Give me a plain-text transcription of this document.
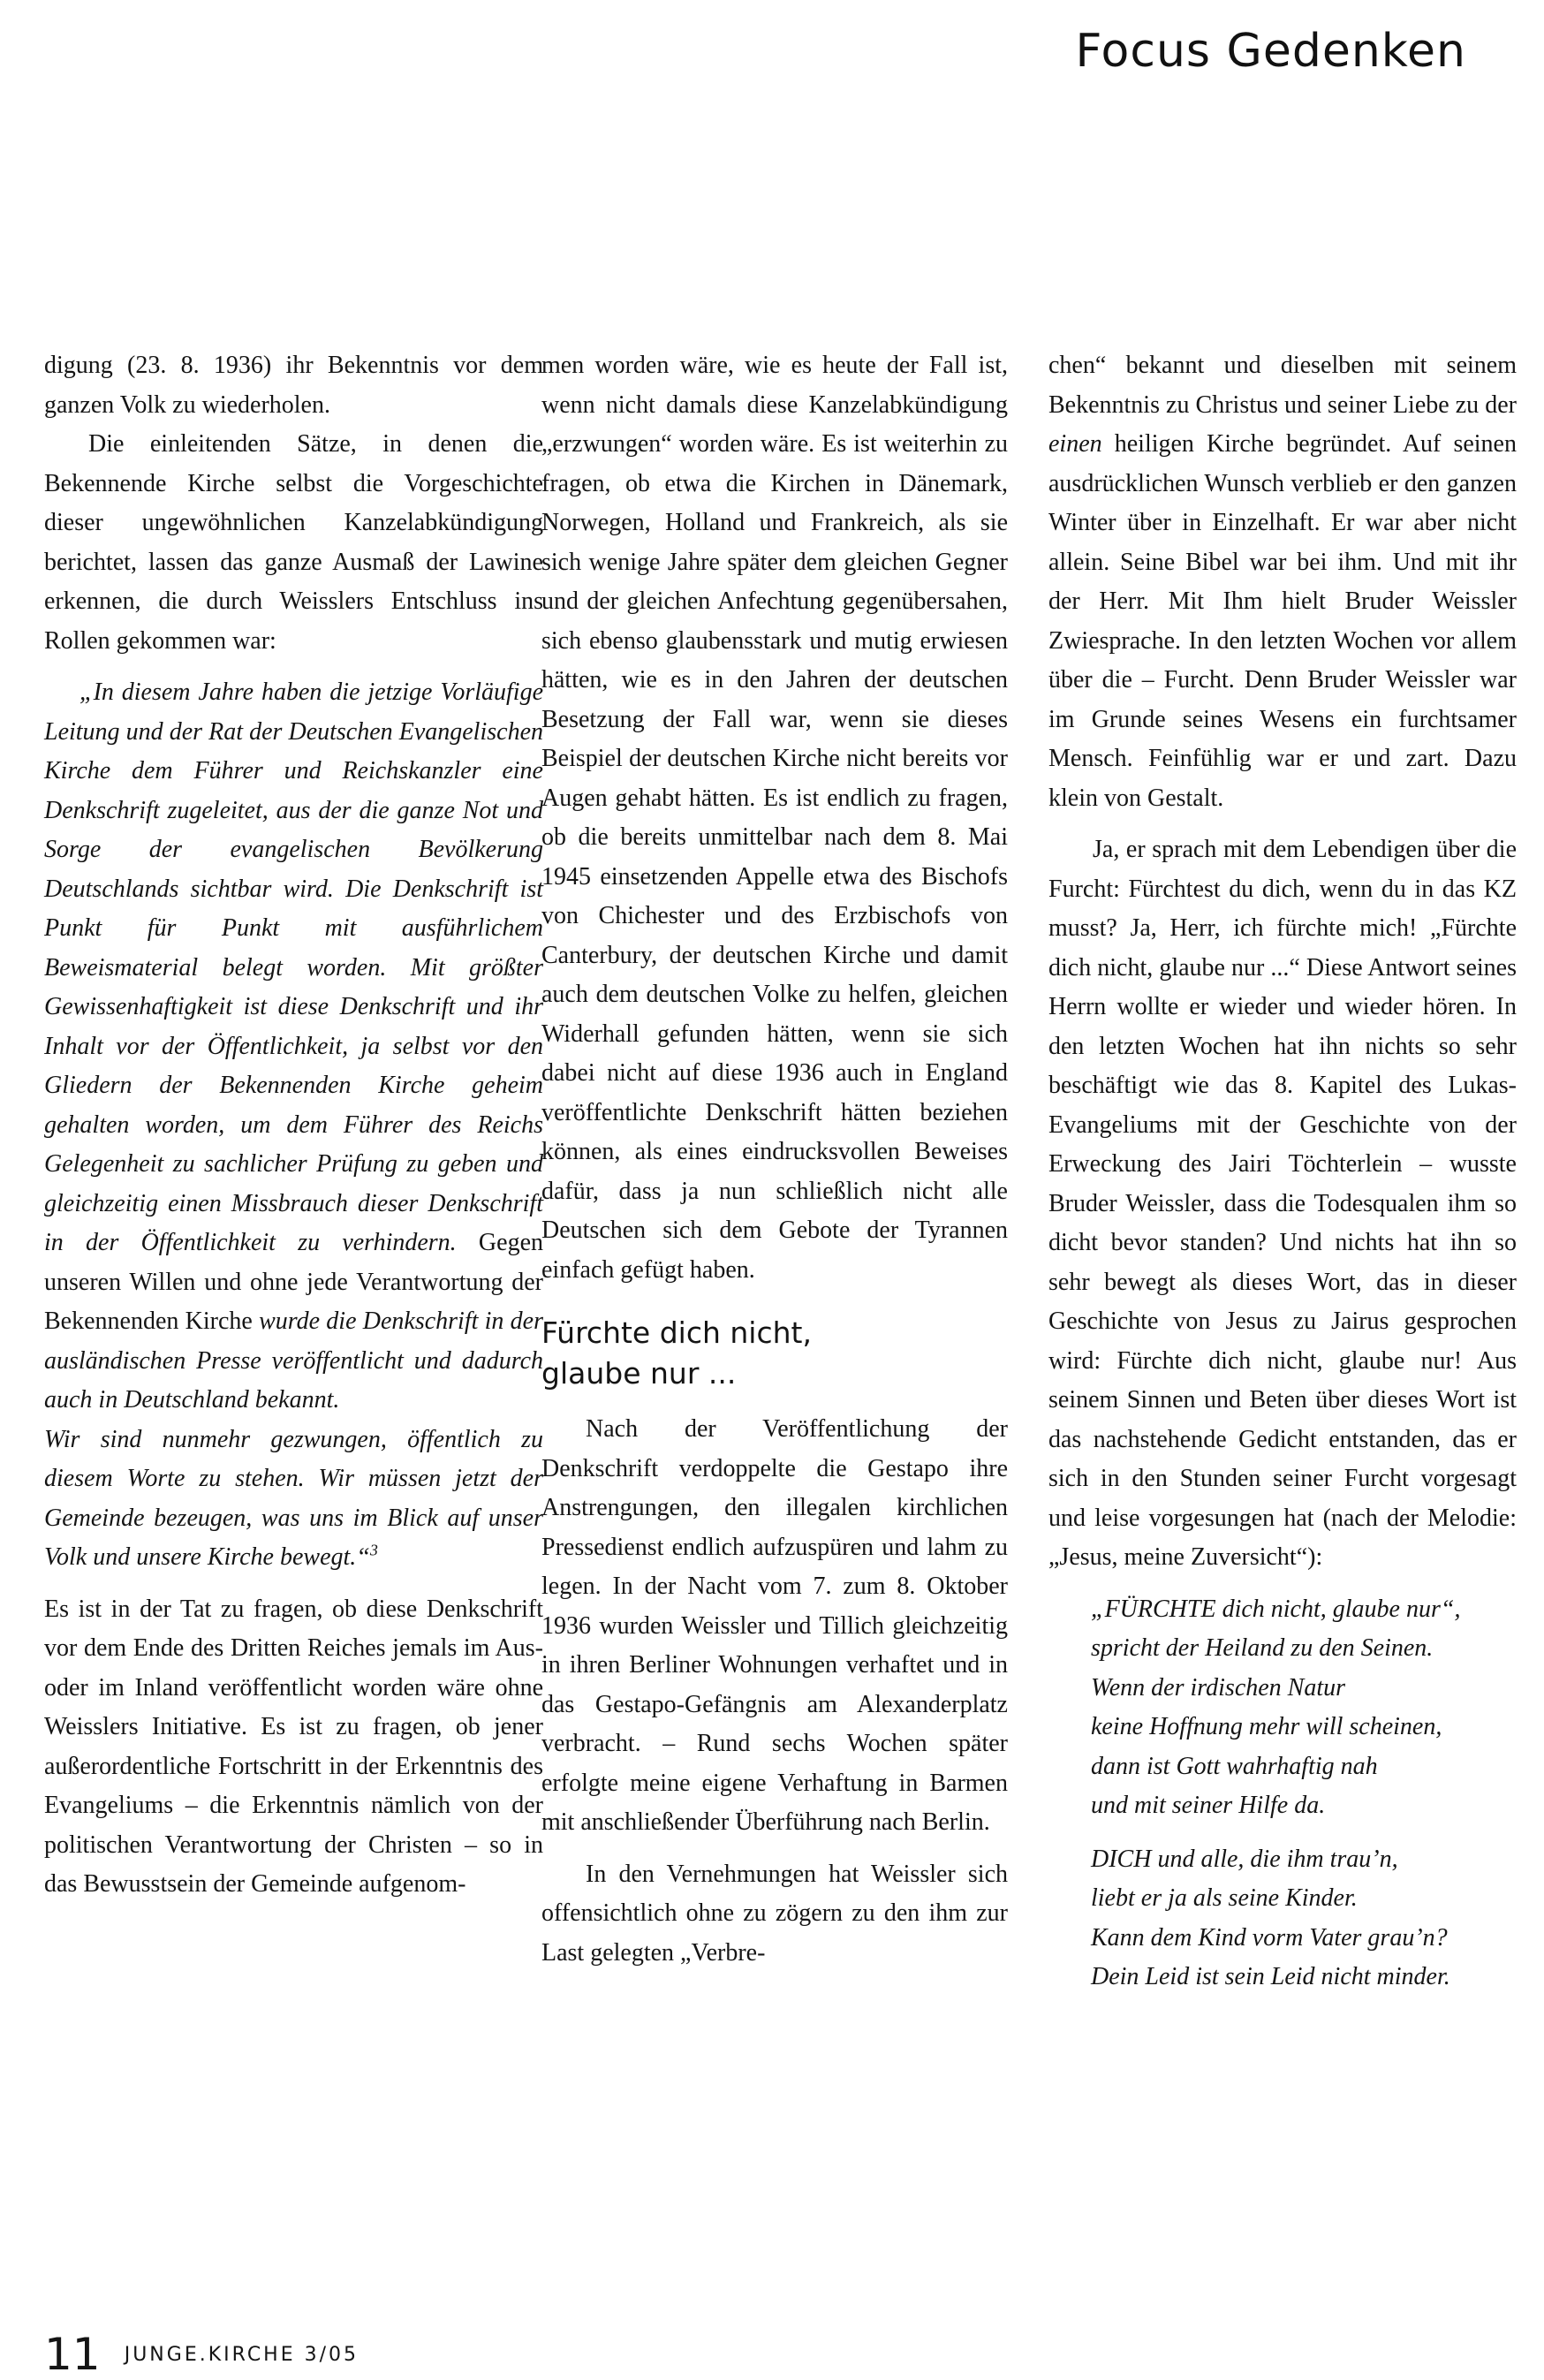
Focus Gedenken

digung (23. 8. 1936) ihr Bekenntnis vor dem ganzen Volk zu wiederholen.

Die einleitenden Sätze, in denen die Bekennende Kirche selbst die Vorgeschichte dieser ungewöhnlichen Kanzelabkündigung berichtet, lassen das ganze Ausmaß der Lawine erkennen, die durch Weisslers Entschluss ins Rollen gekommen war:

„In diesem Jahre haben die jetzige Vorläufige Leitung und der Rat der Deutschen Evangelischen Kirche dem Führer und Reichskanzler eine Denkschrift zugeleitet, aus der die ganze Not und Sorge der evangelischen Bevölkerung Deutschlands sichtbar wird. Die Denkschrift ist Punkt für Punkt mit ausführlichem Beweismaterial belegt worden. Mit größter Gewissenhaftigkeit ist diese Denkschrift und ihr Inhalt vor der Öffentlichkeit, ja selbst vor den Gliedern der Bekennenden Kirche geheim gehalten worden, um dem Führer des Reichs Gelegenheit zu sachlicher Prüfung zu geben und gleichzeitig einen Missbrauch dieser Denkschrift in der Öffentlichkeit zu verhindern. Gegen unseren Willen und ohne jede Verantwortung der Bekennenden Kirche wurde die Denkschrift in der ausländischen Presse veröffentlicht und dadurch auch in Deutschland bekannt.

Wir sind nunmehr gezwungen, öffentlich zu diesem Worte zu stehen. Wir müssen jetzt der Gemeinde bezeugen, was uns im Blick auf unser Volk und unsere Kirche bewegt.“$^3$

Es ist in der Tat zu fragen, ob diese Denkschrift vor dem Ende des Dritten Reiches jemals im Aus- oder im Inland veröffentlicht worden wäre ohne Weisslers Initiative. Es ist zu fragen, ob jener außerordentliche Fortschritt in der Erkenntnis des Evangeliums – die Erkenntnis nämlich von der politischen Verantwortung der Christen – so in das Bewusstsein der Gemeinde aufgenom-

men worden wäre, wie es heute der Fall ist, wenn nicht damals diese Kanzelabkündigung „erzwungen“ worden wäre. Es ist weiterhin zu fragen, ob etwa die Kirchen in Dänemark, Norwegen, Holland und Frankreich, als sie sich wenige Jahre später dem gleichen Gegner und der gleichen Anfechtung gegenübersahen, sich ebenso glaubensstark und mutig erwiesen hätten, wie es in den Jahren der deutschen Besetzung der Fall war, wenn sie dieses Beispiel der deutschen Kirche nicht bereits vor Augen gehabt hätten. Es ist endlich zu fragen, ob die bereits unmittelbar nach dem 8. Mai 1945 einsetzenden Appelle etwa des Bischofs von Chichester und des Erzbischofs von Canterbury, der deutschen Kirche und damit auch dem deutschen Volke zu helfen, gleichen Widerhall gefunden hätten, wenn sie sich dabei nicht auf diese 1936 auch in England veröffentlichte Denkschrift hätten beziehen können, als eines eindrucksvollen Beweises dafür, dass ja nun schließlich nicht alle Deutschen sich dem Gebote der Tyrannen einfach gefügt haben.

Fürchte dich nicht,
glaube nur ...

Nach der Veröffentlichung der Denkschrift verdoppelte die Gestapo ihre Anstrengungen, den illegalen kirchlichen Pressedienst endlich aufzuspüren und lahm zu legen. In der Nacht vom 7. zum 8. Oktober 1936 wurden Weissler und Tillich gleichzeitig in ihren Berliner Wohnungen verhaftet und in das Gestapo-Gefängnis am Alexanderplatz verbracht. – Rund sechs Wochen später erfolgte meine eigene Verhaftung in Barmen mit anschließender Überführung nach Berlin.

In den Vernehmungen hat Weissler sich offensichtlich ohne zu zögern zu den ihm zur Last gelegten „Verbre-

chen“ bekannt und dieselben mit seinem Bekenntnis zu Christus und seiner Liebe zu der einen heiligen Kirche begründet. Auf seinen ausdrücklichen Wunsch verblieb er den ganzen Winter über in Einzelhaft. Er war aber nicht allein. Seine Bibel war bei ihm. Und mit ihr der Herr. Mit Ihm hielt Bruder Weissler Zwiesprache. In den letzten Wochen vor allem über die – Furcht. Denn Bruder Weissler war im Grunde seines Wesens ein furchtsamer Mensch. Feinfühlig war er und zart. Dazu klein von Gestalt.

Ja, er sprach mit dem Lebendigen über die Furcht: Fürchtest du dich, wenn du in das KZ musst? Ja, Herr, ich fürchte mich! „Fürchte dich nicht, glaube nur ...“ Diese Antwort seines Herrn wollte er wieder und wieder hören. In den letzten Wochen hat ihn nichts so sehr beschäftigt wie das 8. Kapitel des Lukas-Evangeliums mit der Geschichte von der Erweckung des Jairi Töchterlein – wusste Bruder Weissler, dass die Todesqualen ihm so dicht bevor standen? Und nichts hat ihn so sehr bewegt als dieses Wort, das in dieser Geschichte von Jesus zu Jairus gesprochen wird: Fürchte dich nicht, glaube nur! Aus seinem Sinnen und Beten über dieses Wort ist das nachstehende Gedicht entstanden, das er sich in den Stunden seiner Furcht vorgesagt und leise vorgesungen hat (nach der Melodie: „Jesus, meine Zuversicht“):

„FÜRCHTE dich nicht, glaube nur“,
spricht der Heiland zu den Seinen.
Wenn der irdischen Natur
keine Hoffnung mehr will scheinen,
dann ist Gott wahrhaftig nah
und mit seiner Hilfe da.

DICH und alle, die ihm trau’n,
liebt er ja als seine Kinder.
Kann dem Kind vorm Vater grau’n?
Dein Leid ist sein Leid nicht minder.

11 JUNGE.KIRCHE 3/05
